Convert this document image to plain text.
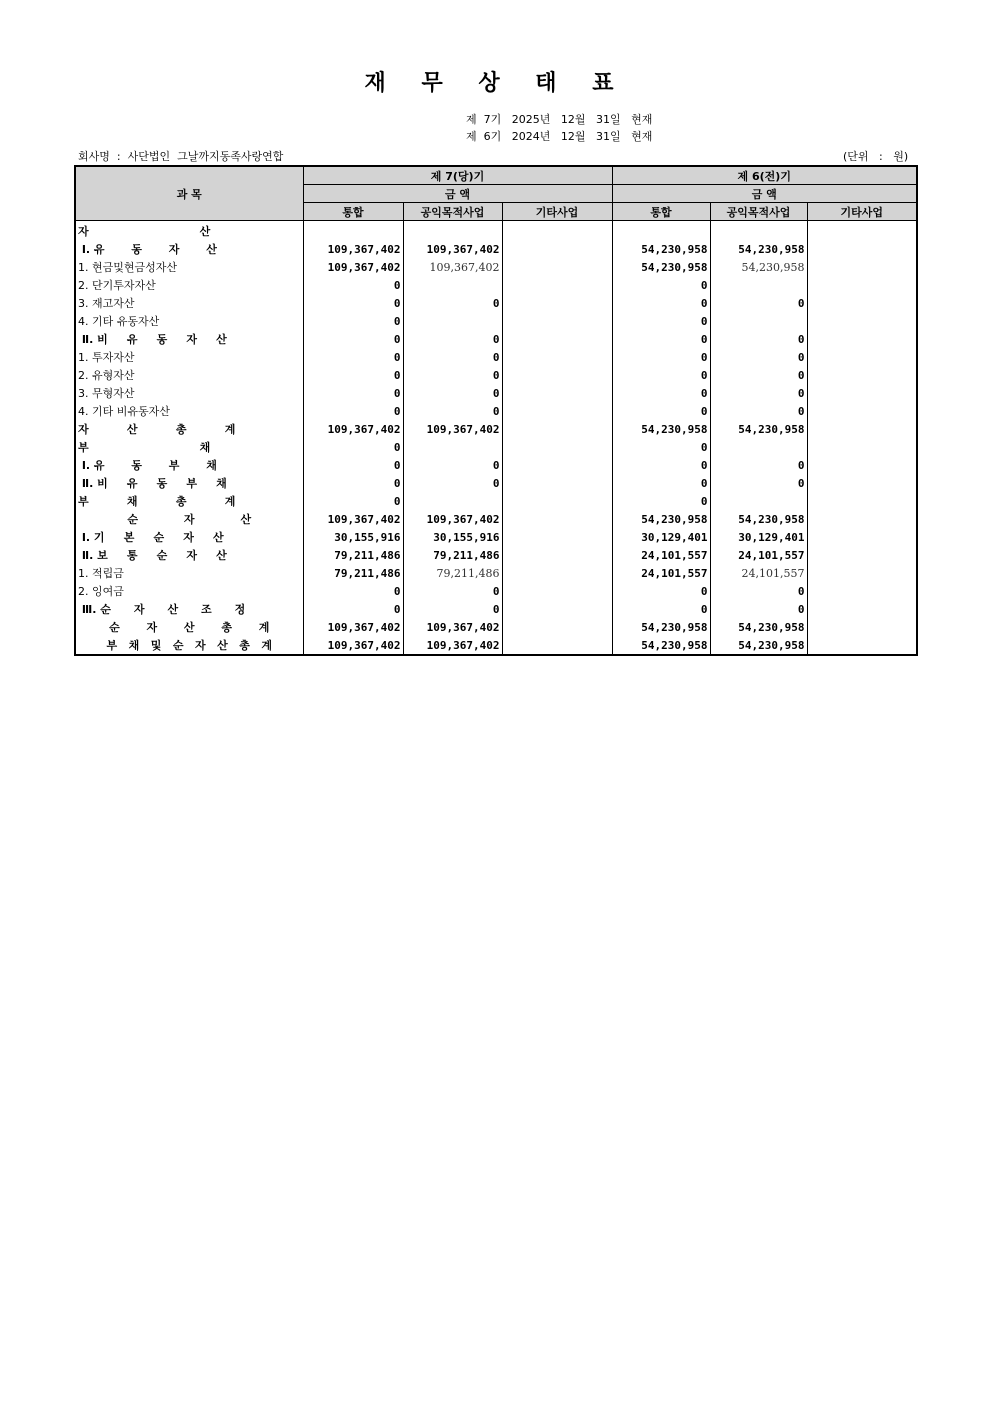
재 무 상 태 표
제  7기   2025년   12월   31일   현재
제  6기   2024년   12월   31일   현재
회사명  :  사단법인  그날까지동족사랑연합	(단위   :   원)
과 목	제 7(당)기			제 6(전)기		
	금 액			금 액		
	통합	공익목적사업	기타사업	통합	공익목적사업	기타사업
자                             산						
Ⅰ. 유       동       자       산	109,367,402	109,367,402		54,230,958	54,230,958	
1. 현금및현금성자산	109,367,402	109,367,402		54,230,958	54,230,958	
2. 단기투자자산	0			0		
3. 재고자산	0	0		0	0	
4. 기타 유동자산	0			0		
Ⅱ. 비     유     동     자     산	0	0		0	0	
1. 투자자산	0	0		0	0	
2. 유형자산	0	0		0	0	
3. 무형자산	0	0		0	0	
4. 기타 비유동자산	0	0		0	0	
자          산          총          계	109,367,402	109,367,402		54,230,958	54,230,958	
부                             채	0			0		
Ⅰ. 유       동       부       채	0	0		0	0	
Ⅱ. 비     유     동     부     채	0	0		0	0	
부          채          총          계	0			0		
순            자            산	109,367,402	109,367,402		54,230,958	54,230,958	
Ⅰ. 기     본     순     자     산	30,155,916	30,155,916		30,129,401	30,129,401	
Ⅱ. 보     통     순     자     산	79,211,486	79,211,486		24,101,557	24,101,557	
1. 적립금	79,211,486	79,211,486		24,101,557	24,101,557	
2. 잉여금	0	0		0	0	
Ⅲ. 순      자      산      조      정	0	0		0	0	
순       자       산       총       계	109,367,402	109,367,402		54,230,958	54,230,958	
부   채   및   순   자   산   총   계	109,367,402	109,367,402		54,230,958	54,230,958	
